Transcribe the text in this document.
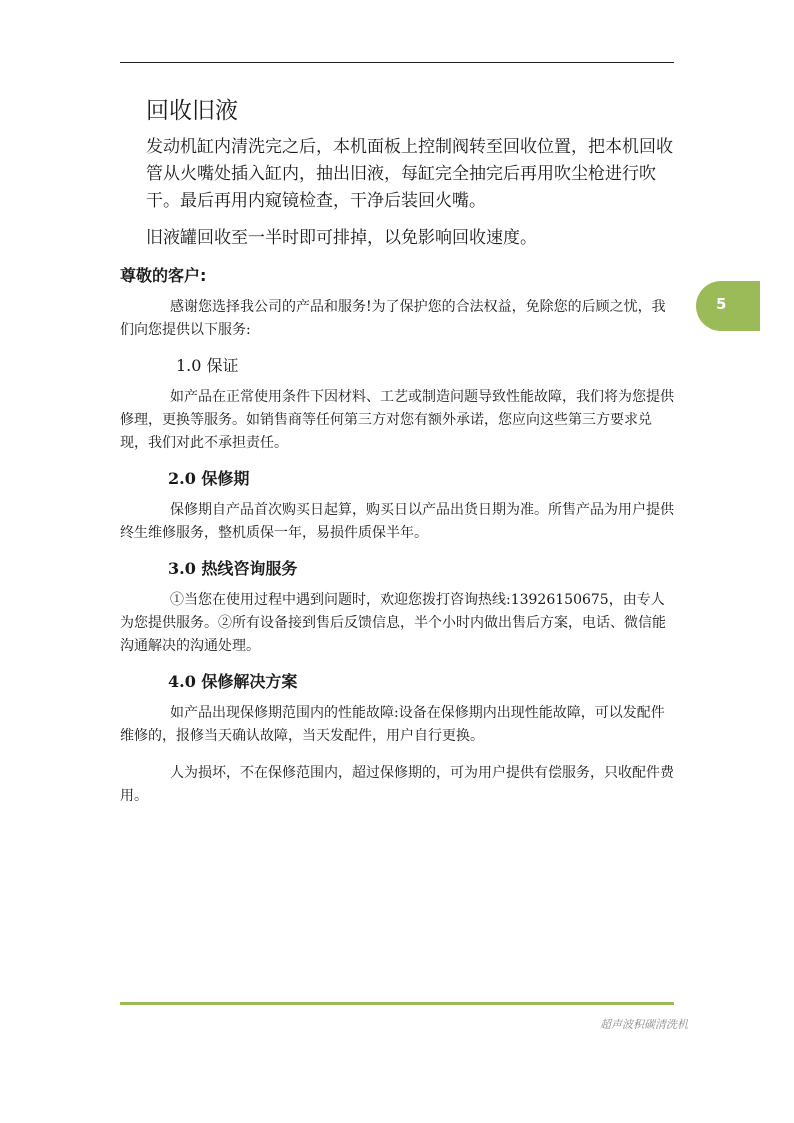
5
回收旧液

发动机缸内清洗完之后，本机面板上控制阀转至回收位置，把本机回收管从火嘴处插入缸内，抽出旧液，每缸完全抽完后再用吹尘枪进行吹干。最后再用内窥镜检查，干净后装回火嘴。

旧液罐回收至一半时即可排掉，以免影响回收速度。

尊敬的客户:

感谢您选择我公司的产品和服务!为了保护您的合法权益，免除您的后顾之忧，我们向您提供以下服务:

1.0 保证

如产品在正常使用条件下因材料、工艺或制造问题导致性能故障，我们将为您提供修理，更换等服务。如销售商等任何第三方对您有额外承诺，您应向这些第三方要求兑现，我们对此不承担责任。

2.0 保修期

保修期自产品首次购买日起算，购买日以产品出货日期为准。所售产品为用户提供终生维修服务，整机质保一年，易损件质保半年。

3.0 热线咨询服务

①当您在使用过程中遇到问题时，欢迎您拨打咨询热线:13926150675，由专人为您提供服务。②所有设备接到售后反馈信息，半个小时内做出售后方案，电话、微信能沟通解决的沟通处理。

4.0 保修解决方案

如产品出现保修期范围内的性能故障:设备在保修期内出现性能故障，可以发配件维修的，报修当天确认故障，当天发配件，用户自行更换。

人为损坏，不在保修范围内，超过保修期的，可为用户提供有偿服务，只收配件费用。

超声波积碳清洗机
